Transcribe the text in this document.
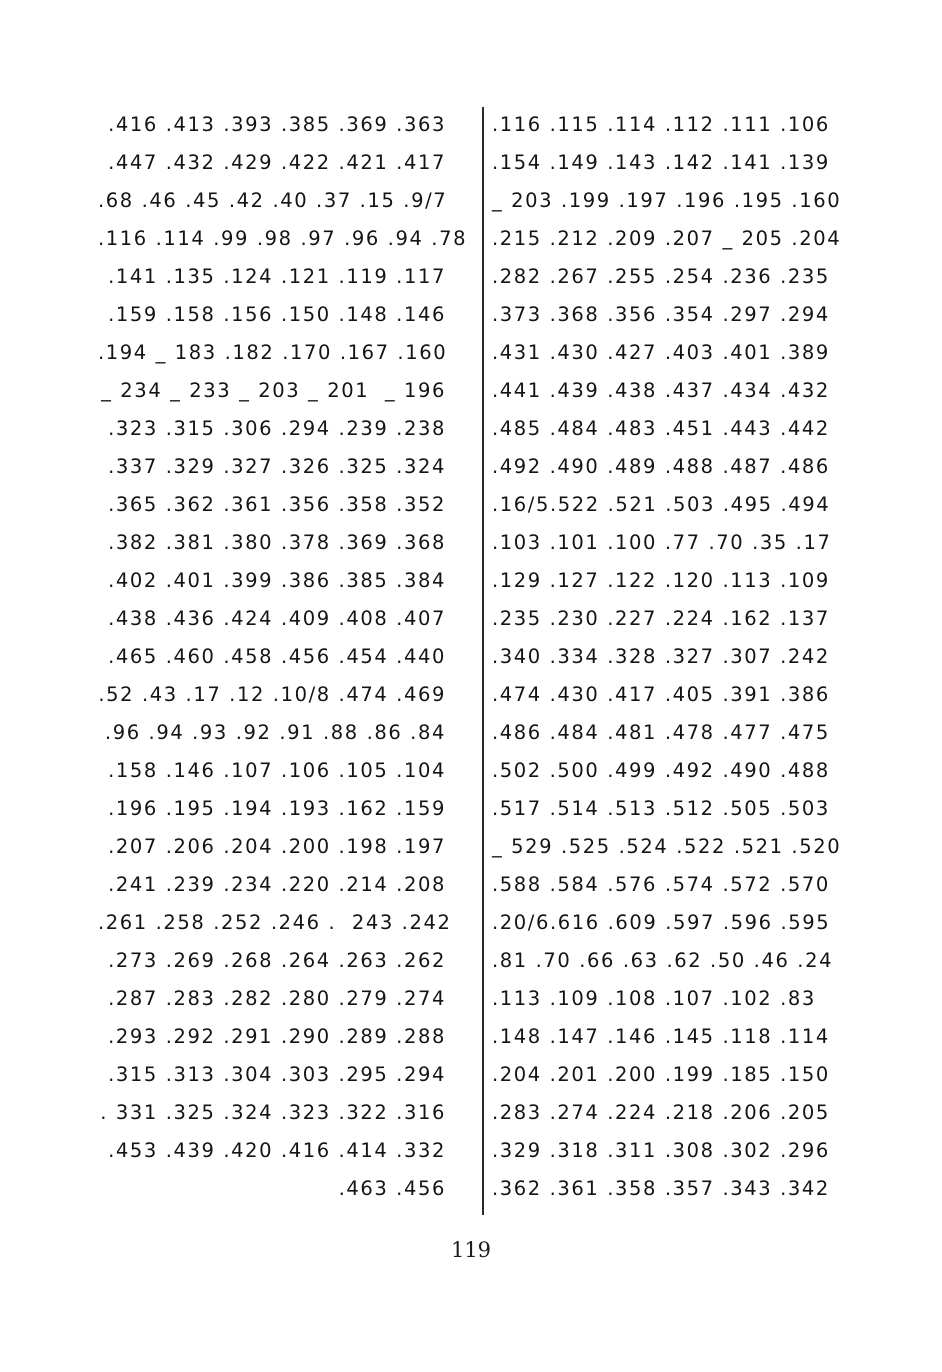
.116 .115 .114 .112 .111 .106
.154 .149 .143 .142 .141 .139
_ 203 .199 .197 .196 .195 .160
.215 .212 .209 .207 _ 205 .204
.282 .267 .255 .254 .236 .235
.373 .368 .356 .354 .297 .294
.431 .430 .427 .403 .401 .389
.441 .439 .438 .437 .434 .432
.485 .484 .483 .451 .443 .442
.492 .490 .489 .488 .487 .486
.16/5.522 .521 .503 .495 .494
.103 .101 .100 .77 .70 .35 .17
.129 .127 .122 .120 .113 .109
.235 .230 .227 .224 .162 .137
.340 .334 .328 .327 .307 .242
.474 .430 .417 .405 .391 .386
.486 .484 .481 .478 .477 .475
.502 .500 .499 .492 .490 .488
.517 .514 .513 .512 .505 .503
_ 529 .525 .524 .522 .521 .520
.588 .584 .576 .574 .572 .570
.20/6.616 .609 .597 .596 .595
.81 .70 .66 .63 .62 .50 .46 .24
.113 .109 .108 .107 .102 .83
.148 .147 .146 .145 .118 .114
.204 .201 .200 .199 .185 .150
.283 .274 .224 .218 .206 .205
.329 .318 .311 .308 .302 .296
.362 .361 .358 .357 .343 .342
.416 .413 .393 .385 .369 .363
.447 .432 .429 .422 .421 .417
.68 .46 .45 .42 .40 .37 .15 .9/7
.116 .114 .99 .98 .97 .96 .94 .78
.141 .135 .124 .121 .119 .117
.159 .158 .156 .150 .148 .146
.194 _ 183 .182 .170 .167 .160
_ 234 _ 233 _ 203 _ 201  _ 196
.323 .315 .306 .294 .239 .238
.337 .329 .327 .326 .325 .324
.365 .362 .361 .356 .358 .352
.382 .381 .380 .378 .369 .368
.402 .401 .399 .386 .385 .384
.438 .436 .424 .409 .408 .407
.465 .460 .458 .456 .454 .440
.52 .43 .17 .12 .10/8 .474 .469
.96 .94 .93 .92 .91 .88 .86 .84
.158 .146 .107 .106 .105 .104
.196 .195 .194 .193 .162 .159
.207 .206 .204 .200 .198 .197
.241 .239 .234 .220 .214 .208
.261 .258 .252 .246 .  243 .242
.273 .269 .268 .264 .263 .262
.287 .283 .282 .280 .279 .274
.293 .292 .291 .290 .289 .288
.315 .313 .304 .303 .295 .294
. 331 .325 .324 .323 .322 .316
.453 .439 .420 .416 .414 .332
.463 .456
119
